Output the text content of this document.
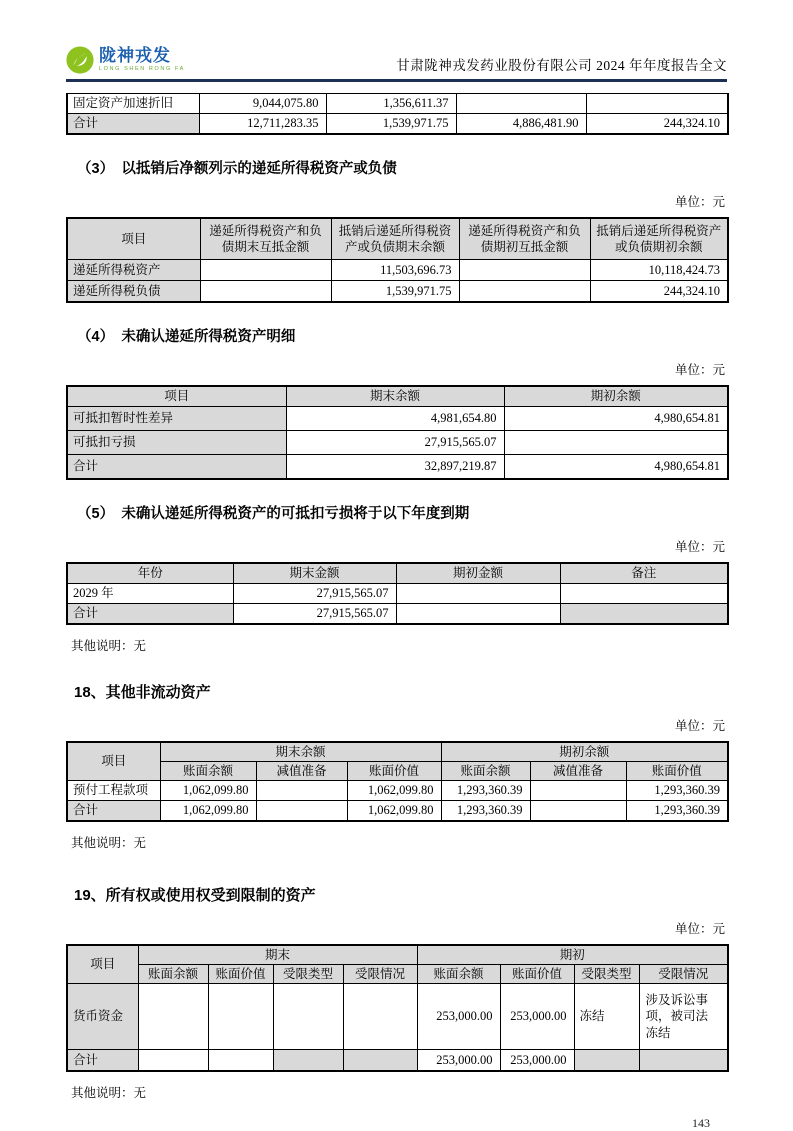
陇神戎发
LONG SHEN RONG FA	甘肃陇神戎发药业股份有限公司 2024 年年度报告全文
固定资产加速折旧	9,044,075.80	1,356,611.37		
合计	12,711,283.35	1,539,971.75	4,886,481.90	244,324.10
（3）　以抵销后净额列示的递延所得税资产或负债
单位：元
项目	递延所得税资产和负债期末互抵金额	抵销后递延所得税资产或负债期末余额	递延所得税资产和负债期初互抵金额	抵销后递延所得税资产或负债期初余额
递延所得税资产		11,503,696.73		10,118,424.73
递延所得税负债		1,539,971.75		244,324.10
（4）　未确认递延所得税资产明细
单位：元
项目	期末余额	期初余额
可抵扣暂时性差异	4,981,654.80	4,980,654.81
可抵扣亏损	27,915,565.07	
合计	32,897,219.87	4,980,654.81
（5）　未确认递延所得税资产的可抵扣亏损将于以下年度到期
单位：元
年份	期末金额	期初金额	备注
2029 年	27,915,565.07		
合计	27,915,565.07		
其他说明：无
18、其他非流动资产
单位：元
项目	期末余额			期初余额		
	账面余额	减值准备	账面价值	账面余额	减值准备	账面价值
预付工程款项	1,062,099.80		1,062,099.80	1,293,360.39		1,293,360.39
合计	1,062,099.80		1,062,099.80	1,293,360.39		1,293,360.39
其他说明：无
19、所有权或使用权受到限制的资产
单位：元
项目	期末				期初			
	账面余额	账面价值	受限类型	受限情况	账面余额	账面价值	受限类型	受限情况
货币资金					253,000.00	253,000.00	冻结	涉及诉讼事项，被司法冻结
合计					253,000.00	253,000.00		
其他说明：无
143
